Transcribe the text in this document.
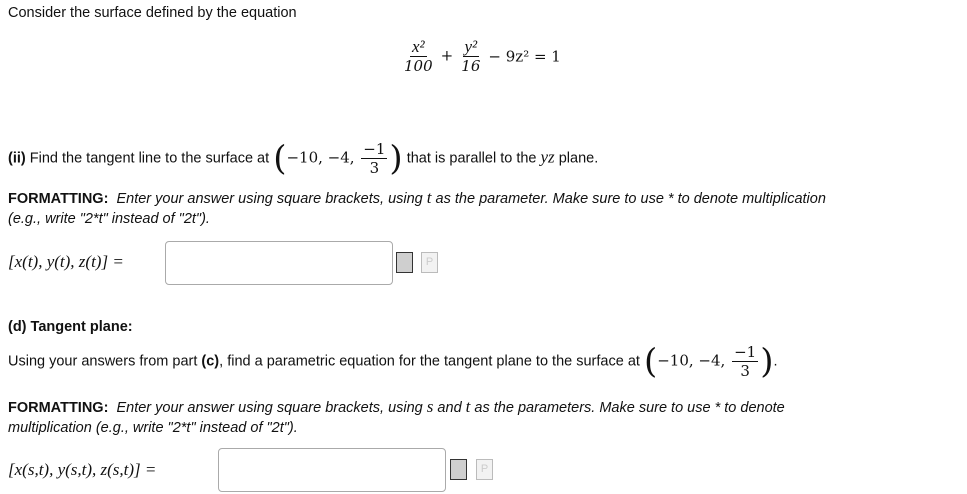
Consider the surface defined by the equation
$\frac{\text{x²}}{100} + \frac{\text{y²}}{16} - 9z^2 = 1$
(ii) Find the tangent line to the surface at (−10, −4, $\frac{-1}{3}$ ) that is parallel to the yz plane.
FORMATTING: Enter your answer using square brackets, using t as the parameter. Make sure to use * to denote multiplication
(e.g., write "2*t" instead of "2t").
[x(t), y(t), z(t)] =	P
(d) Tangent plane:
Using your answers from part (c), find a parametric equation for the tangent plane to the surface at (−10, −4, $\frac{-1}{3}$ ).
FORMATTING: Enter your answer using square brackets, using s and t as the parameters. Make sure to use * to denote
multiplication (e.g., write "2*t" instead of "2t").
[x(s,t), y(s,t), z(s,t)] =	P
